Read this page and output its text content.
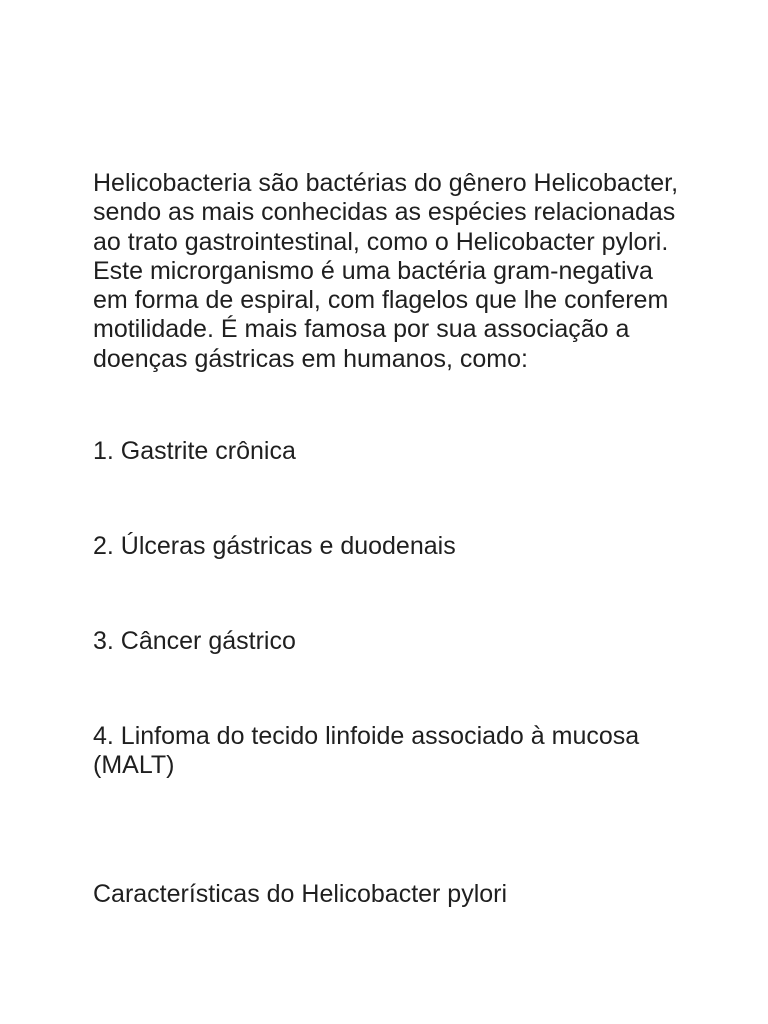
Helicobacteria são bactérias do gênero Helicobacter, sendo as mais conhecidas as espécies relacionadas ao trato gastrointestinal, como o Helicobacter pylori. Este microrganismo é uma bactéria gram-negativa em forma de espiral, com flagelos que lhe conferem motilidade. É mais famosa por sua associação a doenças gástricas em humanos, como:

1. Gastrite crônica

2. Úlceras gástricas e duodenais

3. Câncer gástrico

4. Linfoma do tecido linfoide associado à mucosa (MALT)

Características do Helicobacter pylori
